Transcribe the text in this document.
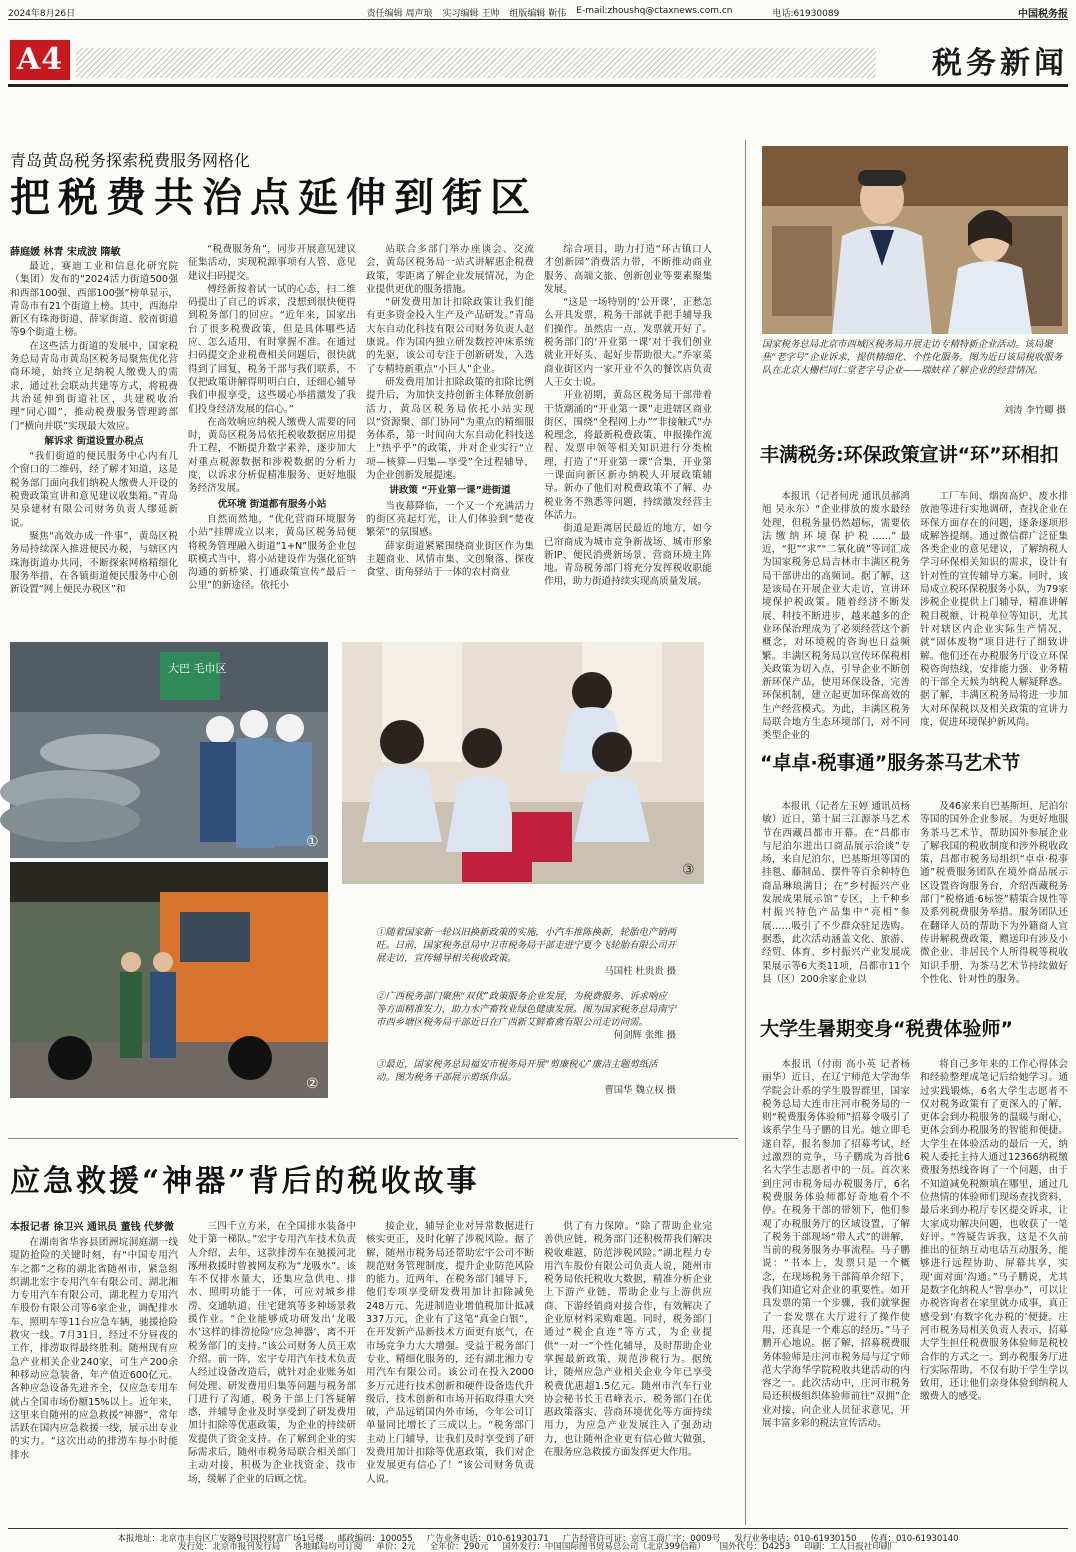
2024年8月26日	责任编辑 周声琅 实习编辑 王帅 组版编辑 靳伟 E-mail:zhoushq@ctaxnews.com.cn	电话:61930089	中国税务报
A4	税务新闻
青岛黄岛税务探索税费服务网格化
把税费共治点延伸到街区
薛庭媛 林青 宋成波 隋敏

最近，赛迪工业和信息化研究院（集团）发布的“2024活力街道500强和西部100强、西部100强”榜单显示，青岛市有21个街道上榜。其中，西海岸新区有珠海街道、薛家街道、胶南街道等9个街道上榜。

在这些活力街道的发展中，国家税务总局青岛市黄岛区税务局聚焦优化营商环境，始终立足纳税人缴费人的需求，通过社会联动共建等方式，将税费共治延伸到街道社区，共建税收治理“同心圆”，推动税费服务管理跨部门“横向并联”实现最大效应。

解诉求 街道设置办税点

“我们街道的便民服务中心内有几个窗口的二维码，经了解才知道，这是税务部门面向我们纳税人缴费人开设的税费政策宣讲和意见建议收集箱。”青岛昊泉建材有限公司财务负责人缪延新说。

聚焦“高效办成一件事”，黄岛区税务局持续深入推进便民办税，与辖区内珠海街道办共同，不断探索网格精细化服务举措，在各镇街道便民服务中心创新设置“网上便民办税区”和

“税费服务角”，同步开展意见建议征集活动，实现税源事项有人管、意见建议扫码提交。

傅经新按着试一试的心态，扫二维码提出了自己的诉求，没想到很快便得到税务部门的回应。“近年来，国家出台了很多税费政策，但是具体哪些适应、怎么适用，有时掌握不准。在通过扫码提交企业税费相关问题后，很快就得到了回复，税务干部与我们联系，不仅把政策讲解得明明白白，还细心辅导我们申报享受，这些暖心举措激发了我们投身经济发展的信心。”

在高效响应纳税人缴费人需要的同时，黄岛区税务局依托税收数据应用提升工程，不断提升数字素养，逐步加大对重点税源数据和涉税数据的分析力度，以诉求分析促精准服务、更好地服务经济发展。

优环境 街道都有服务小站

自然而然地，“优化营商环境服务小站”挂牌成立以来，黄岛区税务局便将税务管理融入街道“1+N”服务企业包联模式当中，将小站建设作为强化征纳沟通的新桥梁、打通政策宣传“最后一公里”的新途径。依托小

站联合多部门举办座谈会、交流会，黄岛区税务局一站式讲解惠企税费政策，零距离了解企业发展情况，为企业提供更优的服务措施。

“研发费用加计扣除政策让我们能有更多资金投入生产及产品研发。”青岛大东自动化科技有限公司财务负责人赵康说。作为国内独立研发数控冲床系统的先驱，该公司专注于创新研发，入选了专精特新重点“小巨人”企业。

研发费用加计扣除政策的扣除比例提升后，为加快支持创新主体释放创新活力，黄岛区税务局依托小站实现以“资源聚、部门协同”为重点的精细服务体系，第一时间向大东自动化科技送上“热乎乎”的政策，并对企业实行“立项—核算—归集—享受”全过程辅导，为企业创新发展提速。

讲政策 “开业第一课”进街道

当夜幕降临，一个又一个充满活力的街区亮起灯光，让人们体验到“楚夜繁荣”的氛围感。

薛家街道紧紧围绕商业街区作为集主题商业、风情市集、文创聚落、探夜食堂、街角驿站于一体的农村商业

综合项目，助力打造“环古镇口人才创新园”消费活力带，不断推动商业服务、高端文旅、创新创业等要素聚集发展。

“这是一场特别的‘公开课’，正愁怎么开具发票，税务干部就手把手辅导我们操作。虽然店一点，发票就开好了。税务部门的‘开业第一课’对于我们创业就业开好头、起好步帮助很大。”乔家菜商业街区内一家开业不久的餐饮店负责人王女士说。

开业初期，黄岛区税务局干部带着干货潮涌的“开业第一课”走进辖区商业街区，围绕“全程网上办”“非接触式”办税理念，将最新税费政策、申报操作流程、发票申领等相关知识进行分类梳理，打造了“开业第一课”合集，开业第一课面向新区新办纳税人开展政策辅导。新办了他们对税费政策不了解、办税业务不熟悉等问题，持续激发经营主体活力。

街道是距离居民最近的地方，如今已帘商成为城市竞争新战场、城市形象新IP、便民消费新场景、营商环境主阵地。青岛税务部门将充分发挥税收职能作用，助力街道持续实现高质量发展。

国家税务总局北京市西城区税务局开展走访专精特新企业活动。该局聚焦“老字号”企业诉求，提供精细化、个性化服务。图为近日该局税收服务队在北京大栅栏同仁堂老字号企业——瑞蚨祥了解企业的经营情况。
刘涛 李竹卿 摄
丰满税务:环保政策宣讲“环”环相扣
本报讯（记者何虎 通讯员郝鸿旭 吴永东）“企业排放的废水最经处理，但税务量仍然超标，需要依法缴纳环境保护税……”最近，“犯”“求”“二氧化硫”等词汇成为国家税务总局吉林市丰满区税务局干部讲出的高频词。据了解，这是该局在开展企业大走访，宣讲环境保护税政策。随着经济不断发展、科技不断进步，越来越多的企业环保治理成为了必须经营这个新概念，对环境税的咨询也日益频繁。丰满区税务局以宣传环保税相关政策为切入点，引导企业不断创新环保产品，使用环保设备，完善环保机制，建立起更加环保高效的生产经营模式。为此，丰满区税务局联合地方生态环境部门，对不同类型企业的
工厂车间、烟囱高炉、废水排放池等进行实地调研，查找企业在环保方面存在的问题，逐条逐项形成解答提纲。通过微信群广泛征集各类企业的意见建议，了解纳税人学习环保相关知识的需求，设计有针对性的宣传辅导方案。同时，该局成立税环保税服务小队，为79家涉税企业提供上门辅导，精准讲解税目税额、计税单位等知识，尤其针对辖区内企业实际生产情况，就“固体废物”项目进行了细致讲解。他们还在办税服务厅设立环保税咨询热线，安排能力强、业务精的干部全天候为纳税人解疑释惑。据了解，丰满区税务局将进一步加大对环保税以及相关政策的宣讲力度，促进环境保护新风尚。
“卓卓·税事通”服务茶马艺术节
本报讯（记者左玉婷 通讯员杨敏）近日，第十届三江源茶马艺术节在西藏昌都市开幕。在“昌都市与尼泊尔进出口商品展示洽谈”专场，来自尼泊尔、巴基斯坦等国的挂毯、藤制品、摆件等百余种特色商品琳琅满目；在“乡村振兴产业发展成果展示馆”专区，上千种乡村振兴特色产品集中“亮相”参展……吸引了不少群众驻足选购。据悉，此次活动涵盖文化、旅游、经贸、体育、乡村振兴产业发展成果展示等6大类11项，昌都市11个县（区）200余家企业以
及46家来自巴基斯坦、尼泊尔等国的国外企业参展。为更好地服务茶马艺术节，帮助国外参展企业了解我国的税收制度和涉外税收政策，昌都市税务局组织“卓卓·税事通”税费服务团队在境外商品展示区设置咨询服务台，介绍西藏税务部门“税格通·6标签”精策合规性等及系列税费服务举措。服务团队还在翻译人员的帮助下为外籍商人宣传讲解税费政策，赠送印有涉及小微企业、非居民个人所得税等税收知识手册，为茶马艺术节持续做好个性化、针对性的服务。
大学生暑期变身“税费体验师”
本报讯（付雨 高小英 记者杨丽华）近日，在辽宁师范大学海华学院会计系的学生殷智群里，国家税务总局大连市庄河市税务局的一则“税费服务体验师”招募令吸引了该系学生马子鹏的目光。她立即毛遂自荐，报名参加了招募考试，经过激烈的竞争，马子鹏成为首批6名大学生志愿者中的一员。首次来到庄河市税务局办税服务厅，6名税费服务体验师都好奇地看个不停。在税务干部的带领下，他们参观了办税服务厅的区域设置，了解了税务干部现场“带人式”的讲解，当前的税务服务办事流程。马子鹏说：“书本上，发票只是一个概念，在现场税务干部简单介绍下，我们知道它对企业的重要性。如开具发票的第一个步骤，我们就掌握了一套发票在大厅进行了操作使用，还真是一个难忘的经历。”马子鹏开心地说。据了解，招募税费服务体验师是庄河市税务局与辽宁师范大学海华学院税收共建活动的内容之一。此次活动中，庄河市税务局还积极组织体验师前往“双拥”企业对接，向企业人员征求意见，开展丰富多彩的税法宣传活动。
将自己多年来的工作心得体会和经验整理成笔记后给她学习。通过实践锻炼，6名大学生志愿者不仅对税务政策有了更深入的了解，更体会到办税服务的温暖与耐心，更体会到办税服务的智能和便捷。大学生在体验活动的最后一天，纳税人委托主持人通过12366纳税缴费服务热线咨询了一个问题，由于不知道减免税额填在哪里，通过几位热情的体验师们现场查找资料，最后来到办税厅专区提交诉求，让大家成功解决问题，也收获了一笔好评。“答疑告诉我，这是不久前推出的征纳互动电话互动服务，能够进行远程协助、屏幕共享，实现‘面对面’沟通。”马子鹏说，尤其是数字化纳税人“智享办”，可以让办税咨询者在家里就办成事，真正感受到‘有数字化办税的’便捷。庄河市税务局相关负责人表示，招募大学生担任税费服务体验师是税校合作的方式之一。到办税服务厅进行实际帮助，不仅有助于学生学以致用，还让他们亲身体验到纳税人缴费人的感受。
大巴 毛巾区
①
②
③
①随着国家新一轮以旧换新政策的实施，小汽车推陈换新，轮胎电产销两旺。日前，国家税务总局中卫市税务局干部走进宁夏今飞轮胎有限公司开展走访，宣传辅导相关税收政策。
马国柱 杜贵贵 摄
②广西税务部门聚焦“双优”政策服务企业发展，为税费服务、诉求响应等方面精准发力，助力水产畜牧业绿色健康发展。图为国家税务总局南宁市西乡塘区税务局干部近日在广西新艾鲜畜禽有限公司走访问需。
何剑辉 张维 摄
③最近，国家税务总局福安市税务局开展“剪廉税心”廉洁主题剪纸活动。图为税务干部展示剪纸作品。
曹国华 魏立权 摄
应急救援“神器”背后的税收故事
本报记者 徐卫兴 通讯员 董钱 代梦微
在湖南省华容县团洲垸洞庭湖一线堤防抢险的关键时刻，有“中国专用汽车之都”之称的湖北省随州市，紧急组织湖北宏宇专用汽车有限公司、湖北湘力专用汽车有限公司、湖北程力专用汽车股份有限公司等6家企业，调配排水车、照明车等11台应急车辆，驰援抢险救灾一线。7月31日，经过不分昼夜的工作，排涝取得最终胜利。随州现有应急产业相关企业240家，可生产200余种移动应急装备，年产值近600亿元。各种应急设备先进齐全，仅应急专用车就占全国市场份额15%以上。近年来，这里来自随州的应急救援“神器”，常年活跃在国内应急救援一线，展示出专业的实力。“这次出动的排涝车每小时能排水
三四千立方米，在全国排水装备中处于第一梯队。”宏宇专用汽车技术负责人介绍，去年，这款排涝车在驰援河北涿州救援时曾被网友称为“龙吸水”。该车不仅排水量大，还集应急供电、排水、照明功能于一体，可应对城乡排涝、交通轨道、住宅建筑等多种场景救援作业。“企业能够成功研发出‘龙吸水’这样的排涝抢险‘应急神器’，离不开税务部门的支持。”该公司财务人员王欢介绍。前一阵，宏宇专用汽车技术负责人经过设备改造后，就针对企业账务如何处理、研发费用归集等问题与税务部门进行了沟通，税务干部上门答疑解惑，并辅导企业及时享受到了研发费用加计扣除等优惠政策，为企业的持续研发提供了资金支持。在了解到企业的实际需求后，随州市税务局联合相关部门主动对接，积极为企业找资金、找市场，缓解了企业的后顾之忧。
接企业，辅导企业对异常数据进行核实更正，及时化解了涉税风险。据了解，随州市税务局还帮助宏宇公司不断规范财务管理制度，提升企业防范风险的能力。近两年，在税务部门辅导下，他们专项享受研发费用加计扣除减免248万元、先进制造业增值税加计抵减337万元，企业有了这笔“真金白银”，在开发新产品新技术方面更有底气，在市场竞争力大大增强。受益于税务部门专业、精细化服务的，还有湖北湘力专用汽车有限公司。该公司在投入2000多万元进行技术创新和硬件设备迭代升级后，技术创新和市场开拓取得重大突破，产品远销国内外市场，今年公司订单量同比增长了三成以上。“税务部门主动上门辅导，让我们及时享受到了研发费用加计扣除等优惠政策，我们对企业发展更有信心了！”该公司财务负责人说。
供了有力保障。“除了帮助企业完善供应链，税务部门还积极帮我们解决税收难题，防范涉税风险。”湖北程力专用汽车股份有限公司负责人说，随州市税务局依托税收大数据，精准分析企业上下游产业链，帮助企业与上游供应商、下游经销商对接合作，有效解决了企业原材料采购难题。同时，税务部门通过“税企直连”等方式，为企业提供“一对一”个性化辅导，及时帮助企业掌握最新政策，规范涉税行为。据统计，随州应急产业相关企业今年已享受税费优惠超1.5亿元。随州市汽车行业协会秘书长王君峰表示，税务部门在优惠政策落实、营商环境优化等方面持续用力，为应急产业发展注入了强劲动力，也让随州企业更有信心做大做强，在服务应急救援方面发挥更大作用。
本报地址：北京市丰台区广安路9号国投财富广场1号楼 邮政编码：100055 广告业务电话：010-61930171 广告经营许可证：京宣工商广字：0009号 发行业务电话：010-61930150 传真：010-61930140
发行处：北京市报刊发行局 各地邮局均可订阅 单价：2元 全年价：290元 国外发行：中国国际图书贸易总公司（北京399信箱） 国外代号：D4253 印刷：工人日报社印刷厂
